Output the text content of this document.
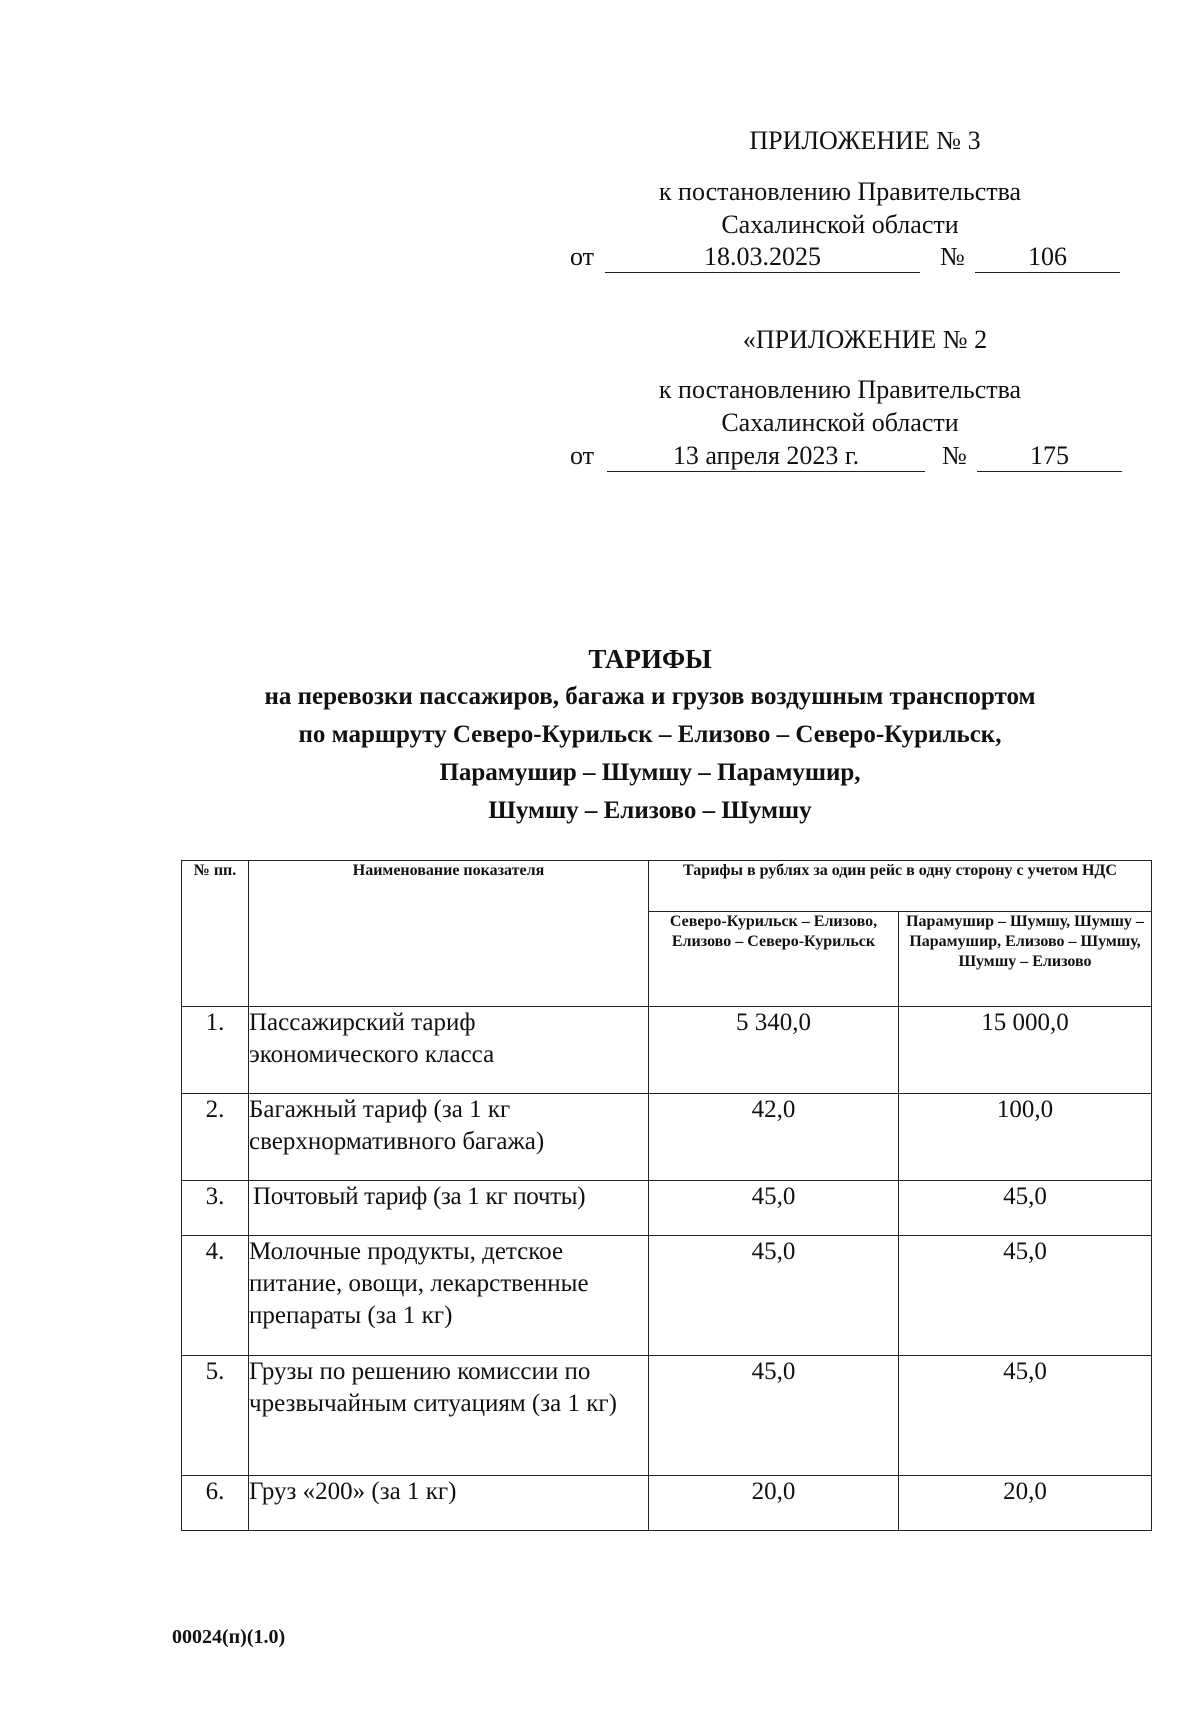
ПРИЛОЖЕНИЕ № 3
к постановлению Правительства
Сахалинской области
от	18.03.2025	№	106
«ПРИЛОЖЕНИЕ № 2
к постановлению Правительства
Сахалинской области
от	13 апреля 2023 г.	№	175
ТАРИФЫ
на перевозки пассажиров, багажа и грузов воздушным транспортом
по маршруту Северо-Курильск – Елизово – Северо-Курильск,
Парамушир – Шумшу – Парамушир,
Шумшу – Елизово – Шумшу
№ пп.	Наименование показателя	Тарифы в рублях за один рейс в одну сторону с учетом НДС	
		Северо-Курильск – Елизово, Елизово – Северо-Курильск	Парамушир – Шумшу, Шумшу – Парамушир, Елизово – Шумшу, Шумшу – Елизово
1.	Пассажирский тариф экономического класса	5 340,0	15 000,0
2.	Багажный тариф (за 1 кг сверхнормативного багажа)	42,0	100,0
3.	Почтовый тариф (за 1 кг почты)	45,0	45,0
4.	Молочные продукты, детское питание, овощи, лекарственные препараты (за 1 кг)	45,0	45,0
5.	Грузы по решению комиссии по чрезвычайным ситуациям (за 1 кг)	45,0	45,0
6.	Груз «200» (за 1 кг)	20,0	20,0
00024(п)(1.0)
